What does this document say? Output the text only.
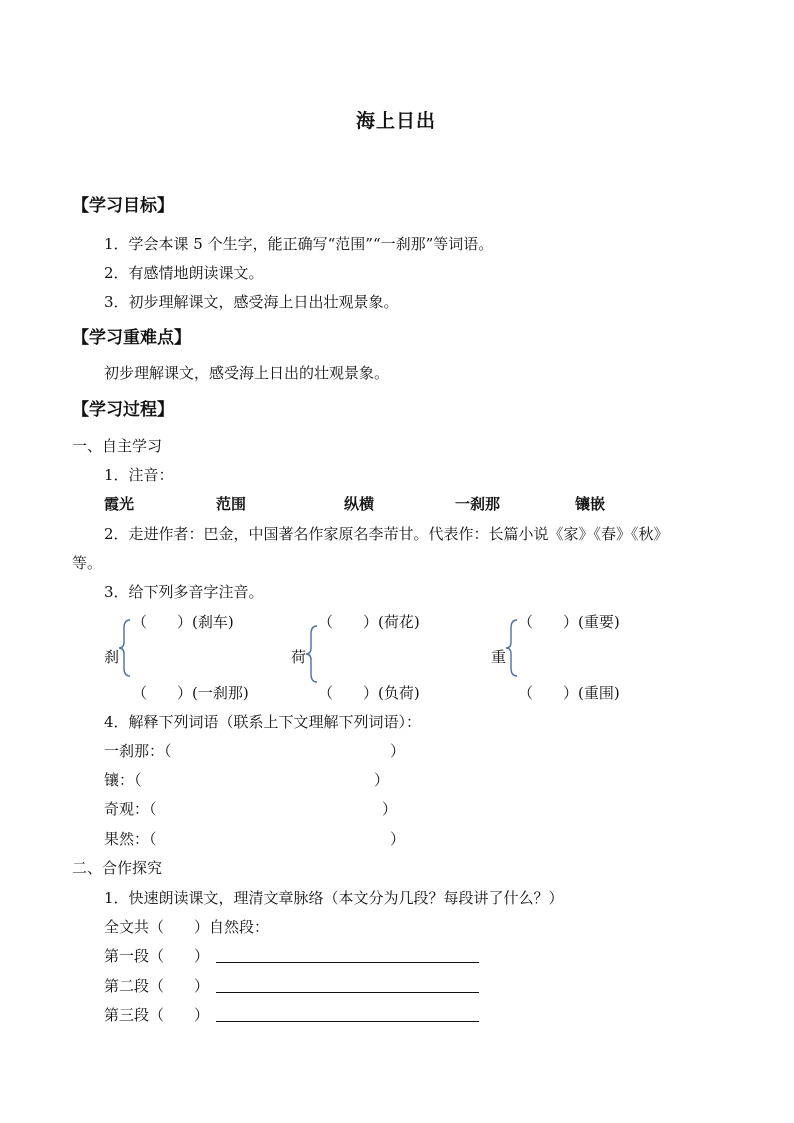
海上日出
【学习目标】
1．学会本课 5 个生字，能正确写“范围”“一刹那”等词语。
2．有感情地朗读课文。
3．初步理解课文，感受海上日出壮观景象。
【学习重难点】
初步理解课文，感受海上日出的壮观景象。
【学习过程】
一、自主学习
1．注音：
霞光	范围	纵横	一刹那	镶嵌
2．走进作者：巴金，中国著名作家原名李芾甘。代表作：长篇小说《家》《春》《秋》
等。
3．给下列多音字注音。
刹
（　　）(刹车)
（　　）(一刹那)
荷
（　　）(荷花)
（　　）(负荷)
重
（　　）(重要)
（　　）(重围)
4．解释下列词语（联系上下文理解下列词语）：
一刹那：（	）
镶：（	）
奇观：（	）
果然：（	）
二、合作探究
1．快速朗读课文，理清文章脉络（本文分为几段？每段讲了什么？）
全文共（　　）自然段：
第一段（　　）
第二段（　　）
第三段（　　）
